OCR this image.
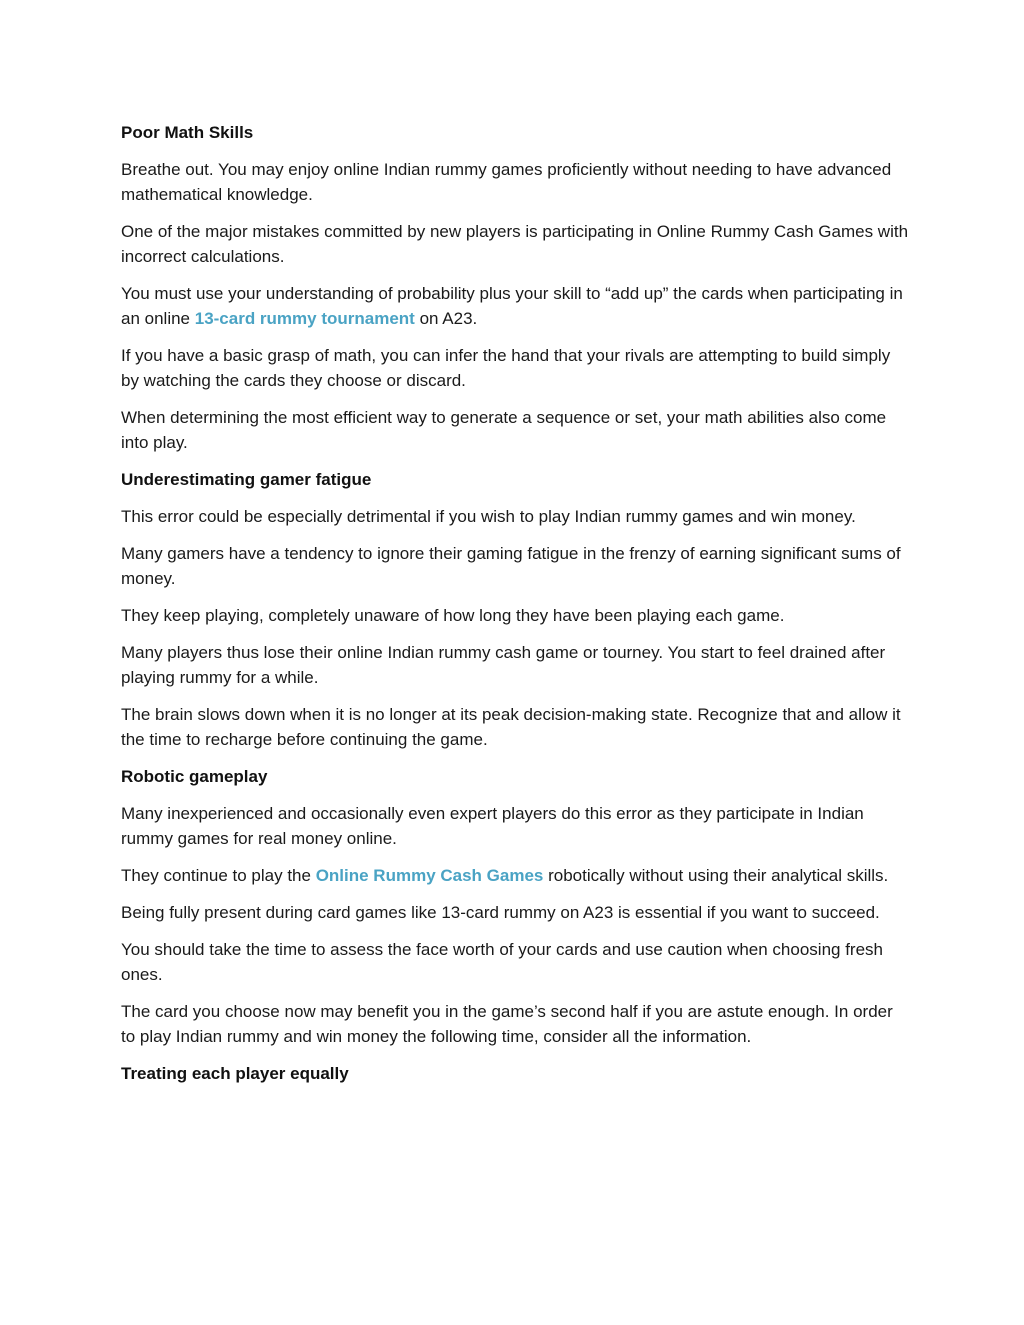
Poor Math Skills

Breathe out. You may enjoy online Indian rummy games proficiently without needing to have advanced mathematical knowledge.

One of the major mistakes committed by new players is participating in Online Rummy Cash Games with incorrect calculations.

You must use your understanding of probability plus your skill to “add up” the cards when participating in an online 13-card rummy tournament on A23.

If you have a basic grasp of math, you can infer the hand that your rivals are attempting to build simply by watching the cards they choose or discard.

When determining the most efficient way to generate a sequence or set, your math abilities also come into play.

Underestimating gamer fatigue

This error could be especially detrimental if you wish to play Indian rummy games and win money.

Many gamers have a tendency to ignore their gaming fatigue in the frenzy of earning significant sums of money.

They keep playing, completely unaware of how long they have been playing each game.

Many players thus lose their online Indian rummy cash game or tourney. You start to feel drained after playing rummy for a while.

The brain slows down when it is no longer at its peak decision-making state. Recognize that and allow it the time to recharge before continuing the game.

Robotic gameplay

Many inexperienced and occasionally even expert players do this error as they participate in Indian rummy games for real money online.

They continue to play the Online Rummy Cash Games robotically without using their analytical skills.

Being fully present during card games like 13-card rummy on A23 is essential if you want to succeed.

You should take the time to assess the face worth of your cards and use caution when choosing fresh ones.

The card you choose now may benefit you in the game’s second half if you are astute enough. In order to play Indian rummy and win money the following time, consider all the information.

Treating each player equally
